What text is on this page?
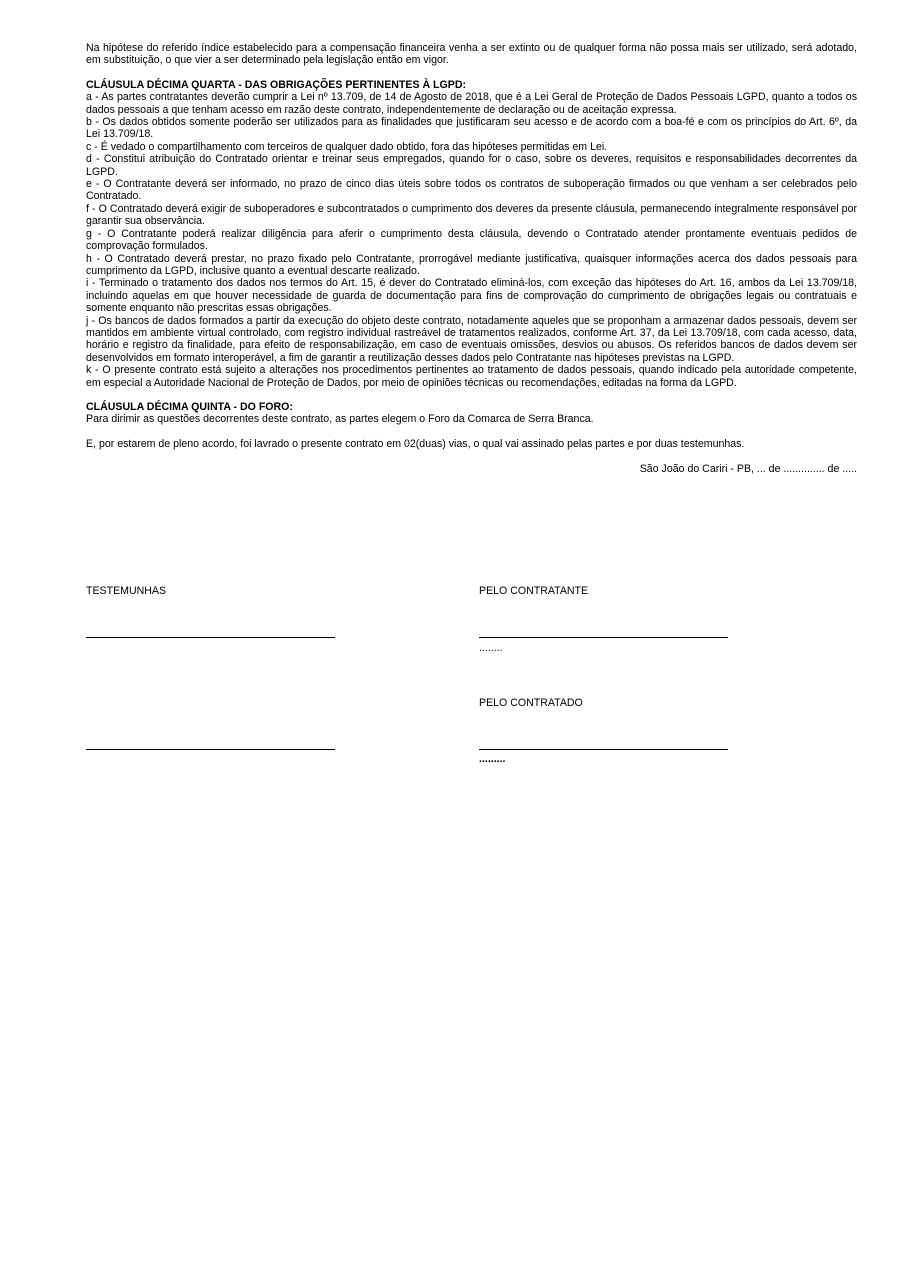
Na hipótese do referido índice estabelecido para a compensação financeira venha a ser extinto ou de qualquer forma não possa mais ser utilizado, será adotado, em substituição, o que vier a ser determinado pela legislação então em vigor.

CLÁUSULA DÉCIMA QUARTA - DAS OBRIGAÇÕES PERTINENTES À LGPD:

a - As partes contratantes deverão cumprir a Lei nº 13.709, de 14 de Agosto de 2018, que é a Lei Geral de Proteção de Dados Pessoais LGPD, quanto a todos os dados pessoais a que tenham acesso em razão deste contrato, independentemente de declaração ou de aceitação expressa.

b - Os dados obtidos somente poderão ser utilizados para as finalidades que justificaram seu acesso e de acordo com a boa-fé e com os princípios do Art. 6º, da Lei 13.709/18.

c - É vedado o compartilhamento com terceiros de qualquer dado obtido, fora das hipóteses permitidas em Lei.

d - Constitui atribuição do Contratado orientar e treinar seus empregados, quando for o caso, sobre os deveres, requisitos e responsabilidades decorrentes da LGPD.

e - O Contratante deverá ser informado, no prazo de cinco dias úteis sobre todos os contratos de suboperação firmados ou que venham a ser celebrados pelo Contratado.

f - O Contratado deverá exigir de suboperadores e subcontratados o cumprimento dos deveres da presente cláusula, permanecendo integralmente responsável por garantir sua observância.

g - O Contratante poderá realizar diligência para aferir o cumprimento desta cláusula, devendo o Contratado atender prontamente eventuais pedidos de comprovação formulados.

h - O Contratado deverá prestar, no prazo fixado pelo Contratante, prorrogável mediante justificativa, quaisquer informações acerca dos dados pessoais para cumprimento da LGPD, inclusive quanto a eventual descarte realizado.

i - Terminado o tratamento dos dados nos termos do Art. 15, é dever do Contratado eliminá-los, com exceção das hipóteses do Art. 16, ambos da Lei 13.709/18, incluindo aquelas em que houver necessidade de guarda de documentação para fins de comprovação do cumprimento de obrigações legais ou contratuais e somente enquanto não prescritas essas obrigações.

j - Os bancos de dados formados a partir da execução do objeto deste contrato, notadamente aqueles que se proponham a armazenar dados pessoais, devem ser mantidos em ambiente virtual controlado, com registro individual rastreável de tratamentos realizados, conforme Art. 37, da Lei 13.709/18, com cada acesso, data, horário e registro da finalidade, para efeito de responsabilização, em caso de eventuais omissões, desvios ou abusos. Os referidos bancos de dados devem ser desenvolvidos em formato interoperável, a fim de garantir a reutilização desses dados pelo Contratante nas hipóteses previstas na LGPD.

k - O presente contrato está sujeito a alterações nos procedimentos pertinentes ao tratamento de dados pessoais, quando indicado pela autoridade competente, em especial a Autoridade Nacional de Proteção de Dados, por meio de opiniões técnicas ou recomendações, editadas na forma da LGPD.

CLÁUSULA DÉCIMA QUINTA - DO FORO:

Para dirimir as questões decorrentes deste contrato, as partes elegem o Foro da Comarca de Serra Branca.

E, por estarem de pleno acordo, foi lavrado o presente contrato em 02(duas) vias, o qual vai assinado pelas partes e por duas testemunhas.

São João do Cariri - PB, ... de .............. de .....

TESTEMUNHAS	PELO CONTRATANTE
........
PELO CONTRATADO
.........
